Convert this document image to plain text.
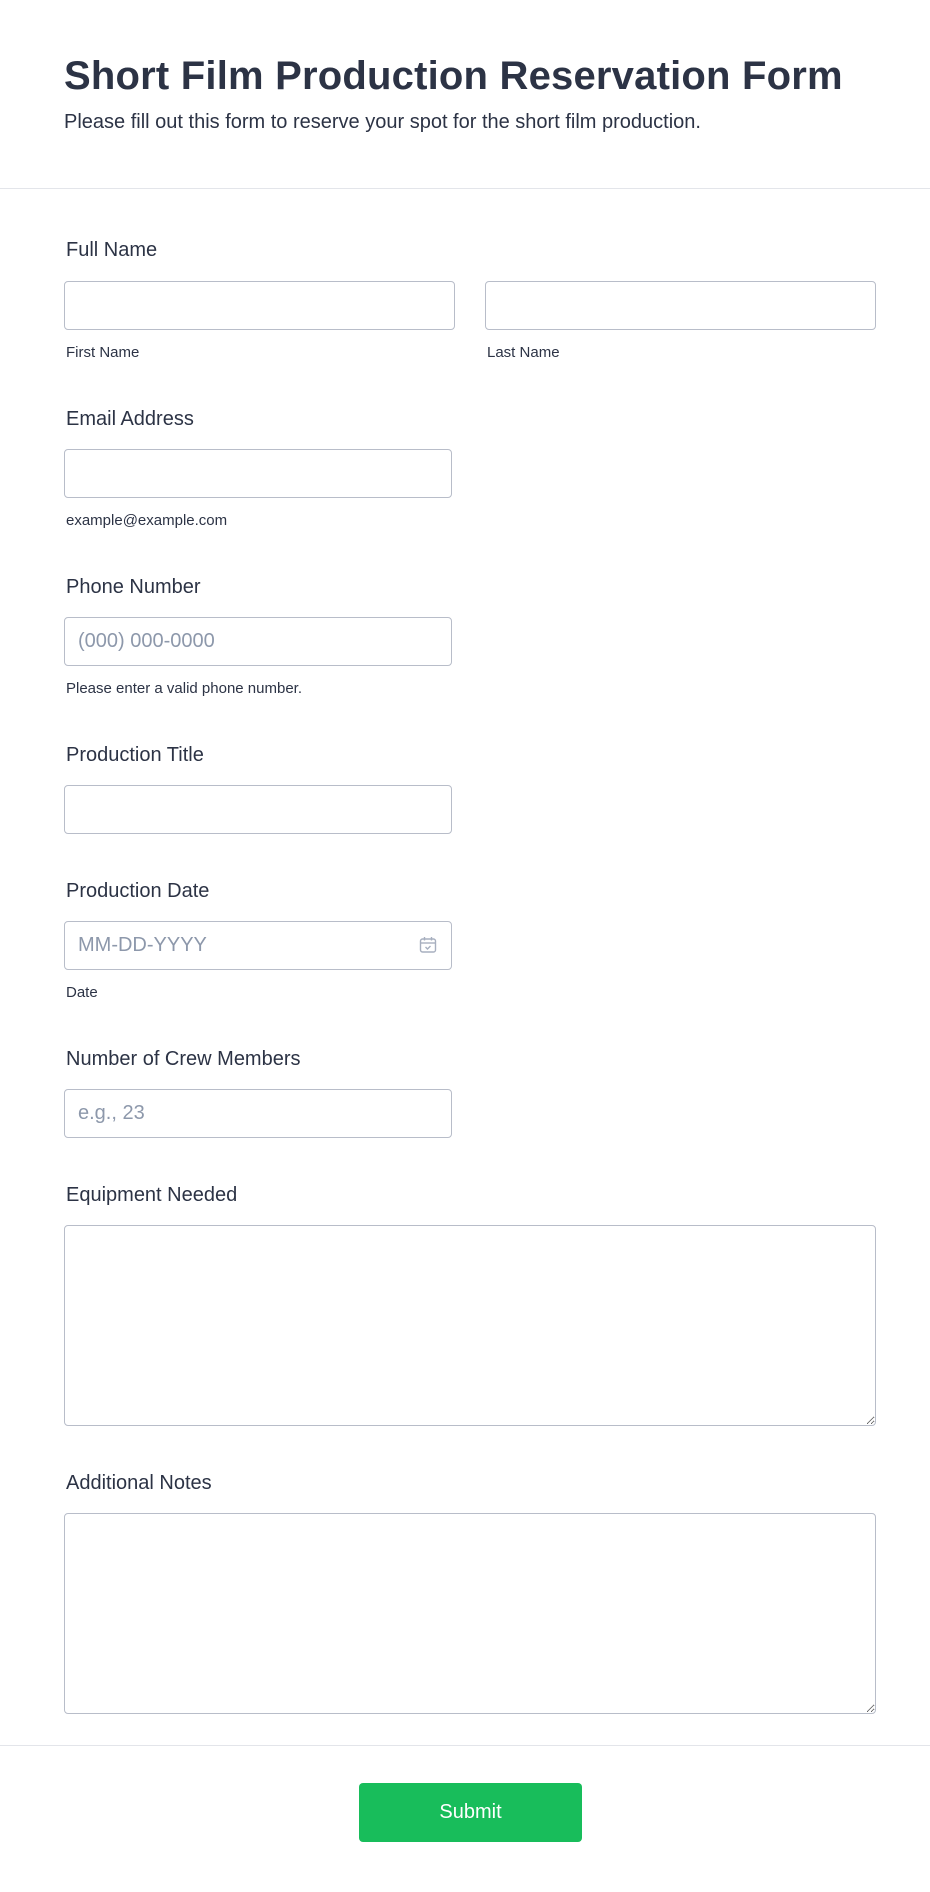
Short Film Production Reservation Form

Please fill out this form to reserve your spot for the short film production.

Full Name
First Name	Last Name
Email Address
example@example.com
Phone Number
(000) 000-0000
Please enter a valid phone number.
Production Title
Production Date
MM-DD-YYYY
Date
Number of Crew Members
e.g., 23
Equipment Needed
Additional Notes
Submit
